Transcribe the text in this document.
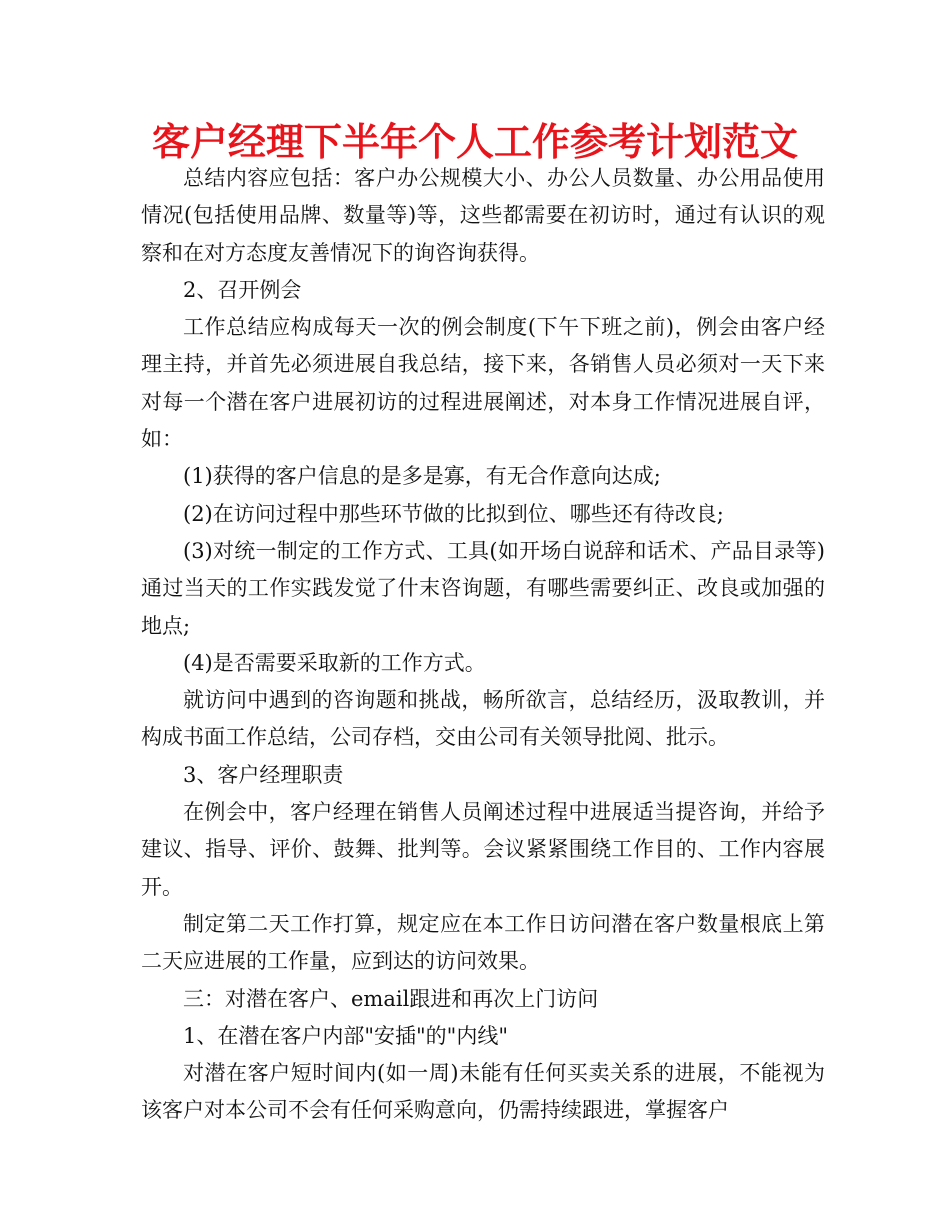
客户经理下半年个人工作参考计划范文

总结内容应包括：客户办公规模大小、办公人员数量、办公用品使用情况(包括使用品牌、数量等)等，这些都需要在初访时，通过有认识的观察和在对方态度友善情况下的询咨询获得。

2、召开例会

工作总结应构成每天一次的例会制度(下午下班之前)，例会由客户经理主持，并首先必须进展自我总结，接下来，各销售人员必须对一天下来对每一个潜在客户进展初访的过程进展阐述，对本身工作情况进展自评，如：

(1)获得的客户信息的是多是寡，有无合作意向达成;

(2)在访问过程中那些环节做的比拟到位、哪些还有待改良;

(3)对统一制定的工作方式、工具(如开场白说辞和话术、产品目录等)通过当天的工作实践发觉了什末咨询题，有哪些需要纠正、改良或加强的地点;

(4)是否需要采取新的工作方式。

就访问中遇到的咨询题和挑战，畅所欲言，总结经历，汲取教训，并构成书面工作总结，公司存档，交由公司有关领导批阅、批示。

3、客户经理职责

在例会中，客户经理在销售人员阐述过程中进展适当提咨询，并给予建议、指导、评价、鼓舞、批判等。会议紧紧围绕工作目的、工作内容展开。

制定第二天工作打算，规定应在本工作日访问潜在客户数量根底上第二天应进展的工作量，应到达的访问效果。

三：对潜在客户、email跟进和再次上门访问

1、在潜在客户内部"安插"的"内线"

对潜在客户短时间内(如一周)未能有任何买卖关系的进展，不能视为该客户对本公司不会有任何采购意向，仍需持续跟进，掌握客户
